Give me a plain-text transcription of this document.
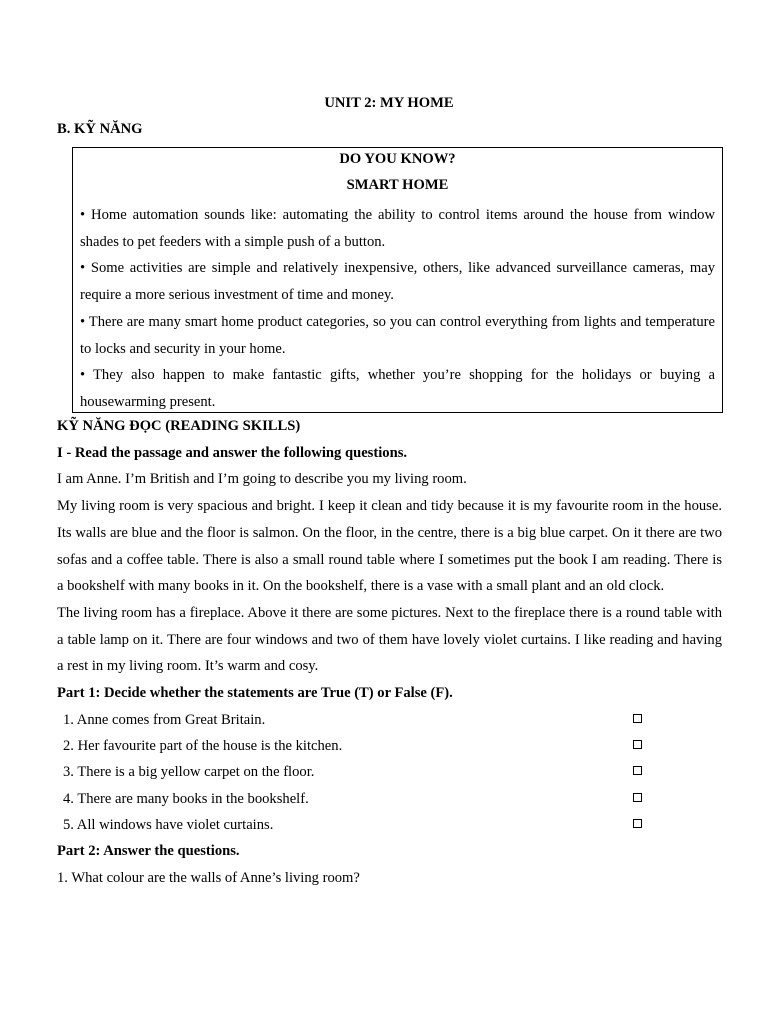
UNIT 2: MY HOME
B. KỸ NĂNG
DO YOU KNOW?
SMART HOME
• Home automation sounds like: automating the ability to control items around the house from window shades to pet feeders with a simple push of a button.
• Some activities are simple and relatively inexpensive, others, like advanced surveillance cameras, may require a more serious investment of time and money.
• There are many smart home product categories, so you can control everything from lights and temperature to locks and security in your home.
• They also happen to make fantastic gifts, whether you’re shopping for the holidays or buying a housewarming present.

KỸ NĂNG ĐỌC (READING SKILLS)

I - Read the passage and answer the following questions.

I am Anne. I’m British and I’m going to describe you my living room.

My living room is very spacious and bright. I keep it clean and tidy because it is my favourite room in the house. Its walls are blue and the floor is salmon. On the floor, in the centre, there is a big blue carpet. On it there are two sofas and a coffee table. There is also a small round table where I sometimes put the book I am reading. There is a bookshelf with many books in it. On the bookshelf, there is a vase with a small plant and an old clock.

The living room has a fireplace. Above it there are some pictures. Next to the fireplace there is a round table with a table lamp on it. There are four windows and two of them have lovely violet curtains. I like reading and having a rest in my living room. It’s warm and cosy.

Part 1: Decide whether the statements are True (T) or False (F).

1. Anne comes from Great Britain.
2. Her favourite part of the house is the kitchen.
3. There is a big yellow carpet on the floor.
4. There are many books in the bookshelf.
5. All windows have violet curtains.

Part 2: Answer the questions.

1. What colour are the walls of Anne’s living room?
